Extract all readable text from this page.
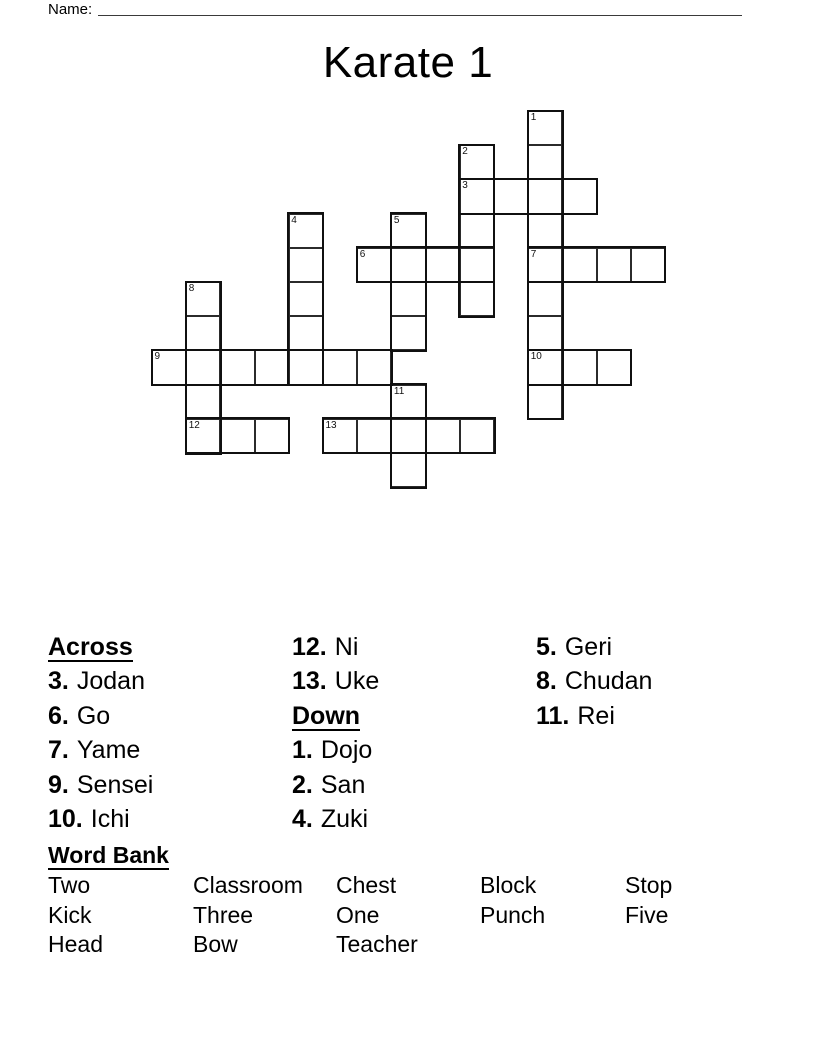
Name:
Karate 1
1
2
3
4	5
6	7
8
9	10
11
12	13
Across
3. Jodan
6. Go
7. Yame
9. Sensei
10. Ichi
12. Ni
13. Uke
Down
1. Dojo
2. San
4. Zuki
5. Geri
8. Chudan
11. Rei
Word Bank
Two	Classroom	Chest	Block	Stop
Kick	Three	One	Punch	Five
Head	Bow	Teacher
